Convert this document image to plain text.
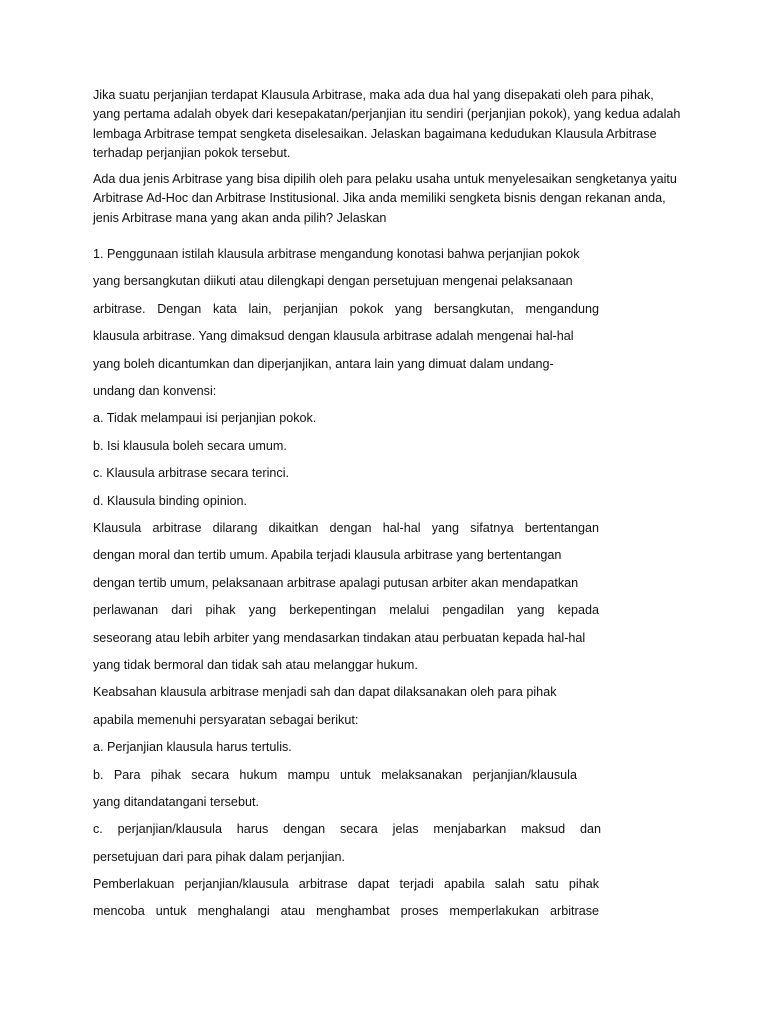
Jika suatu perjanjian terdapat Klausula Arbitrase, maka ada dua hal yang disepakati oleh para pihak, yang pertama adalah obyek dari kesepakatan/perjanjian itu sendiri (perjanjian pokok), yang kedua adalah lembaga Arbitrase tempat sengketa diselesaikan. Jelaskan bagaimana kedudukan Klausula Arbitrase terhadap perjanjian pokok tersebut.

Ada dua jenis Arbitrase yang bisa dipilih oleh para pelaku usaha untuk menyelesaikan sengketanya yaitu Arbitrase Ad-Hoc dan Arbitrase Institusional. Jika anda memiliki sengketa bisnis dengan rekanan anda, jenis Arbitrase mana yang akan anda pilih? Jelaskan

1. Penggunaan istilah klausula arbitrase mengandung konotasi bahwa perjanjian pokok
yang bersangkutan diikuti atau dilengkapi dengan persetujuan mengenai pelaksanaan
arbitrase. Dengan kata lain, perjanjian pokok yang bersangkutan, mengandung
klausula arbitrase. Yang dimaksud dengan klausula arbitrase adalah mengenai hal-hal
yang boleh dicantumkan dan diperjanjikan, antara lain yang dimuat dalam undang-
undang dan konvensi:
a. Tidak melampaui isi perjanjian pokok.
b. Isi klausula boleh secara umum.
c. Klausula arbitrase secara terinci.
d. Klausula binding opinion.
Klausula arbitrase dilarang dikaitkan dengan hal-hal yang sifatnya bertentangan
dengan moral dan tertib umum. Apabila terjadi klausula arbitrase yang bertentangan
dengan tertib umum, pelaksanaan arbitrase apalagi putusan arbiter akan mendapatkan
perlawanan dari pihak yang berkepentingan melalui pengadilan yang kepada
seseorang atau lebih arbiter yang mendasarkan tindakan atau perbuatan kepada hal-hal
yang tidak bermoral dan tidak sah atau melanggar hukum.
Keabsahan klausula arbitrase menjadi sah dan dapat dilaksanakan oleh para pihak
apabila memenuhi persyaratan sebagai berikut:
a. Perjanjian klausula harus tertulis.
b. Para pihak secara hukum mampu untuk melaksanakan perjanjian/klausula
yang ditandatangani tersebut.
c. perjanjian/klausula harus dengan secara jelas menjabarkan maksud dan
persetujuan dari para pihak dalam perjanjian.
Pemberlakuan perjanjian/klausula arbitrase dapat terjadi apabila salah satu pihak
mencoba untuk menghalangi atau menghambat proses memperlakukan arbitrase
